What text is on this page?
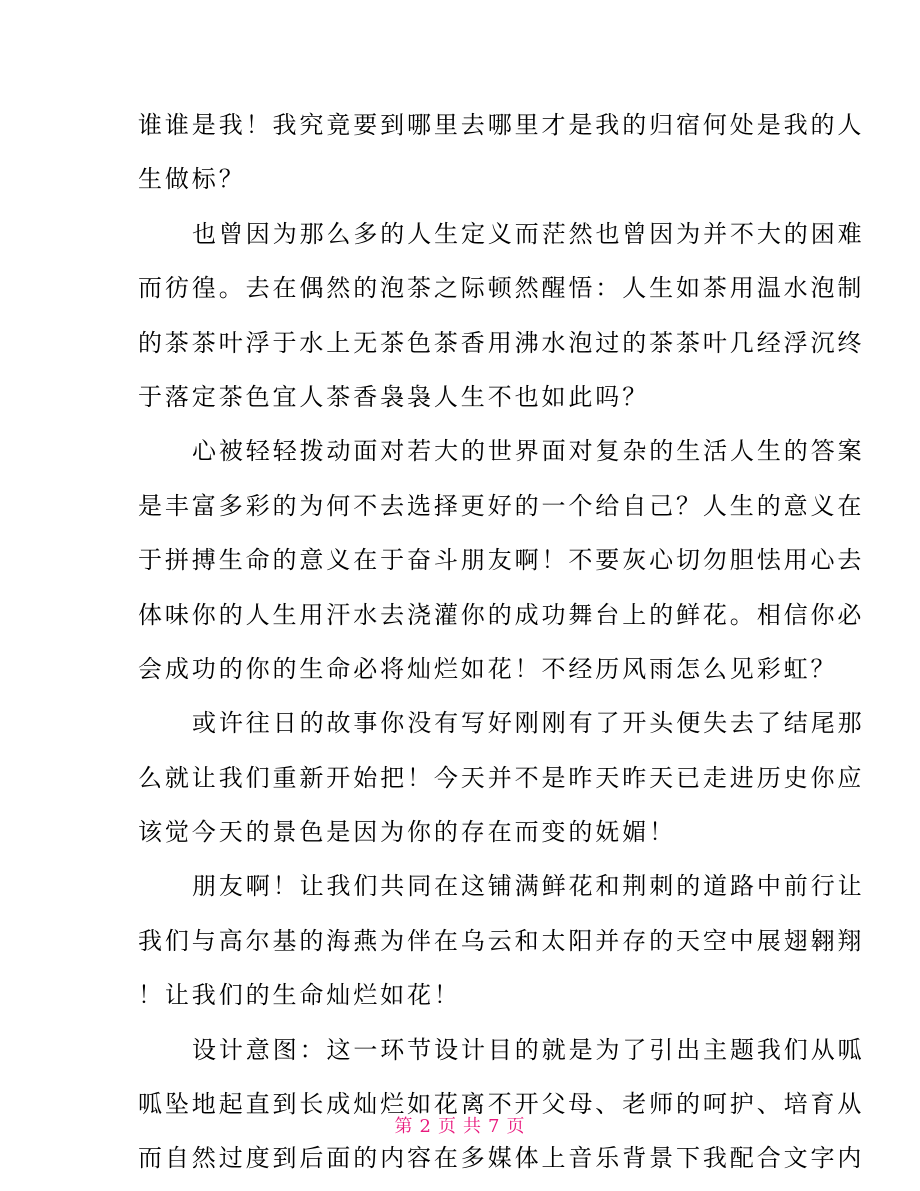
谁谁是我！我究竟要到哪里去哪里才是我的归宿何处是我的人
生做标？

也曾因为那么多的人生定义而茫然也曾因为并不大的困难
而彷徨。去在偶然的泡茶之际顿然醒悟：人生如茶用温水泡制
的茶茶叶浮于水上无茶色茶香用沸水泡过的茶茶叶几经浮沉终
于落定茶色宜人茶香袅袅人生不也如此吗？

心被轻轻拨动面对若大的世界面对复杂的生活人生的答案
是丰富多彩的为何不去选择更好的一个给自己？人生的意义在
于拼搏生命的意义在于奋斗朋友啊！不要灰心切勿胆怯用心去
体味你的人生用汗水去浇灌你的成功舞台上的鲜花。相信你必
会成功的你的生命必将灿烂如花！不经历风雨怎么见彩虹？

或许往日的故事你没有写好刚刚有了开头便失去了结尾那
么就让我们重新开始把！今天并不是昨天昨天已走进历史你应
该觉今天的景色是因为你的存在而变的妩媚！

朋友啊！让我们共同在这铺满鲜花和荆刺的道路中前行让
我们与高尔基的海燕为伴在乌云和太阳并存的天空中展翅翱翔
！让我们的生命灿烂如花！

设计意图：这一环节设计目的就是为了引出主题我们从呱
呱坠地起直到长成灿烂如花离不开父母、老师的呵护、培育从
而自然过度到后面的内容在多媒体上音乐背景下我配合文字内

第 2 页 共 7 页
